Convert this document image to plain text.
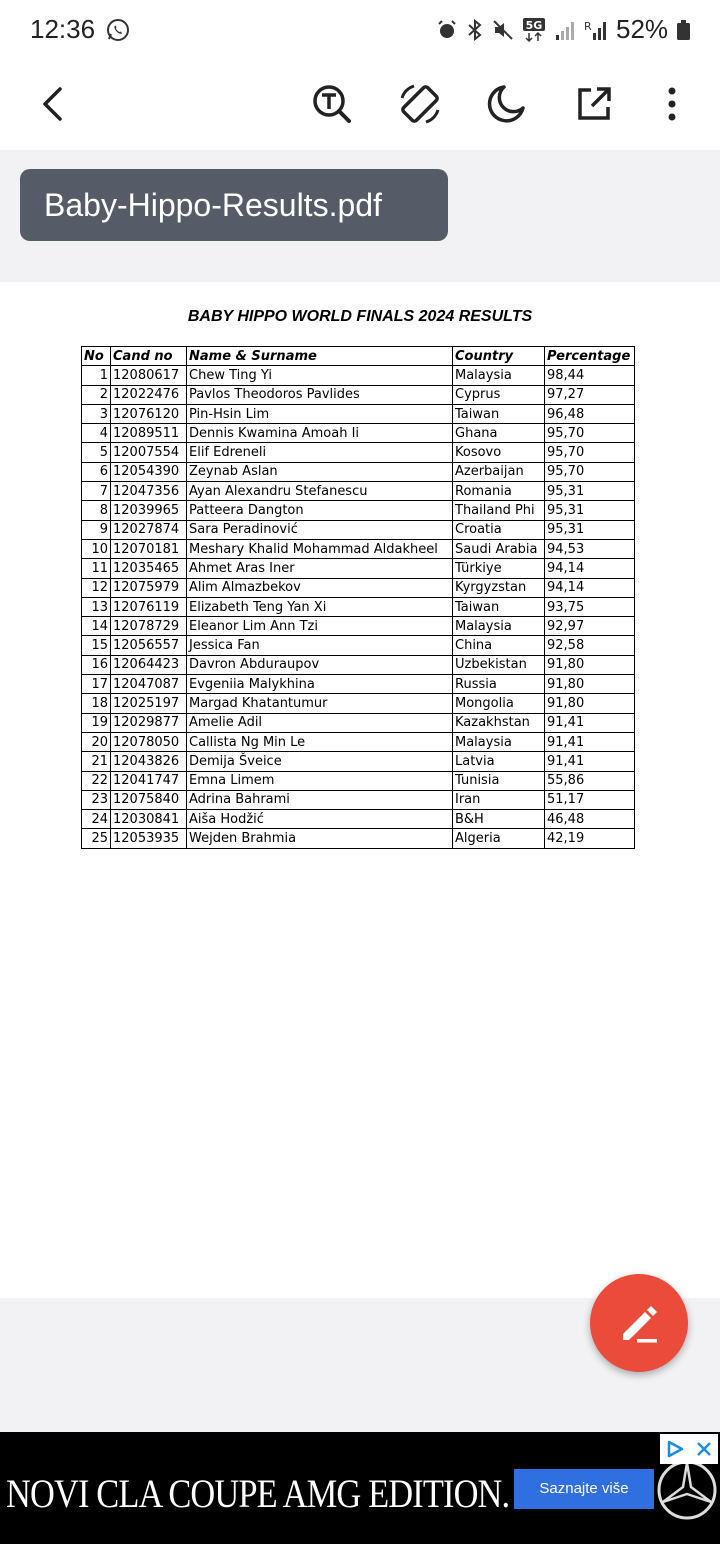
12:36	5G	R 52%
Baby-Hippo-Results.pdf
BABY HIPPO WORLD FINALS 2024 RESULTS
No	Cand no	Name & Surname	Country	Percentage
1	12080617	Chew Ting Yi	Malaysia	98,44
2	12022476	Pavlos Theodoros Pavlides	Cyprus	97,27
3	12076120	Pin-Hsin Lim	Taiwan	96,48
4	12089511	Dennis Kwamina Amoah Ii	Ghana	95,70
5	12007554	Elif Edreneli	Kosovo	95,70
6	12054390	Zeynab Aslan	Azerbaijan	95,70
7	12047356	Ayan Alexandru Stefanescu	Romania	95,31
8	12039965	Patteera Dangton	Thailand Phi	95,31
9	12027874	Sara Peradinović	Croatia	95,31
10	12070181	Meshary Khalid Mohammad Aldakheel	Saudi Arabia	94,53
11	12035465	Ahmet Aras Iner	Türkiye	94,14
12	12075979	Alim Almazbekov	Kyrgyzstan	94,14
13	12076119	Elizabeth Teng Yan Xi	Taiwan	93,75
14	12078729	Eleanor Lim Ann Tzi	Malaysia	92,97
15	12056557	Jessica Fan	China	92,58
16	12064423	Davron Abduraupov	Uzbekistan	91,80
17	12047087	Evgeniia Malykhina	Russia	91,80
18	12025197	Margad Khatantumur	Mongolia	91,80
19	12029877	Amelie Adil	Kazakhstan	91,41
20	12078050	Callista Ng Min Le	Malaysia	91,41
21	12043826	Demija Šveice	Latvia	91,41
22	12041747	Emna Limem	Tunisia	55,86
23	12075840	Adrina Bahrami	Iran	51,17
24	12030841	Aiša Hodžić	B&H	46,48
25	12053935	Wejden Brahmia	Algeria	42,19
NOVI CLA COUPE AMG EDITION.	Saznajte više
